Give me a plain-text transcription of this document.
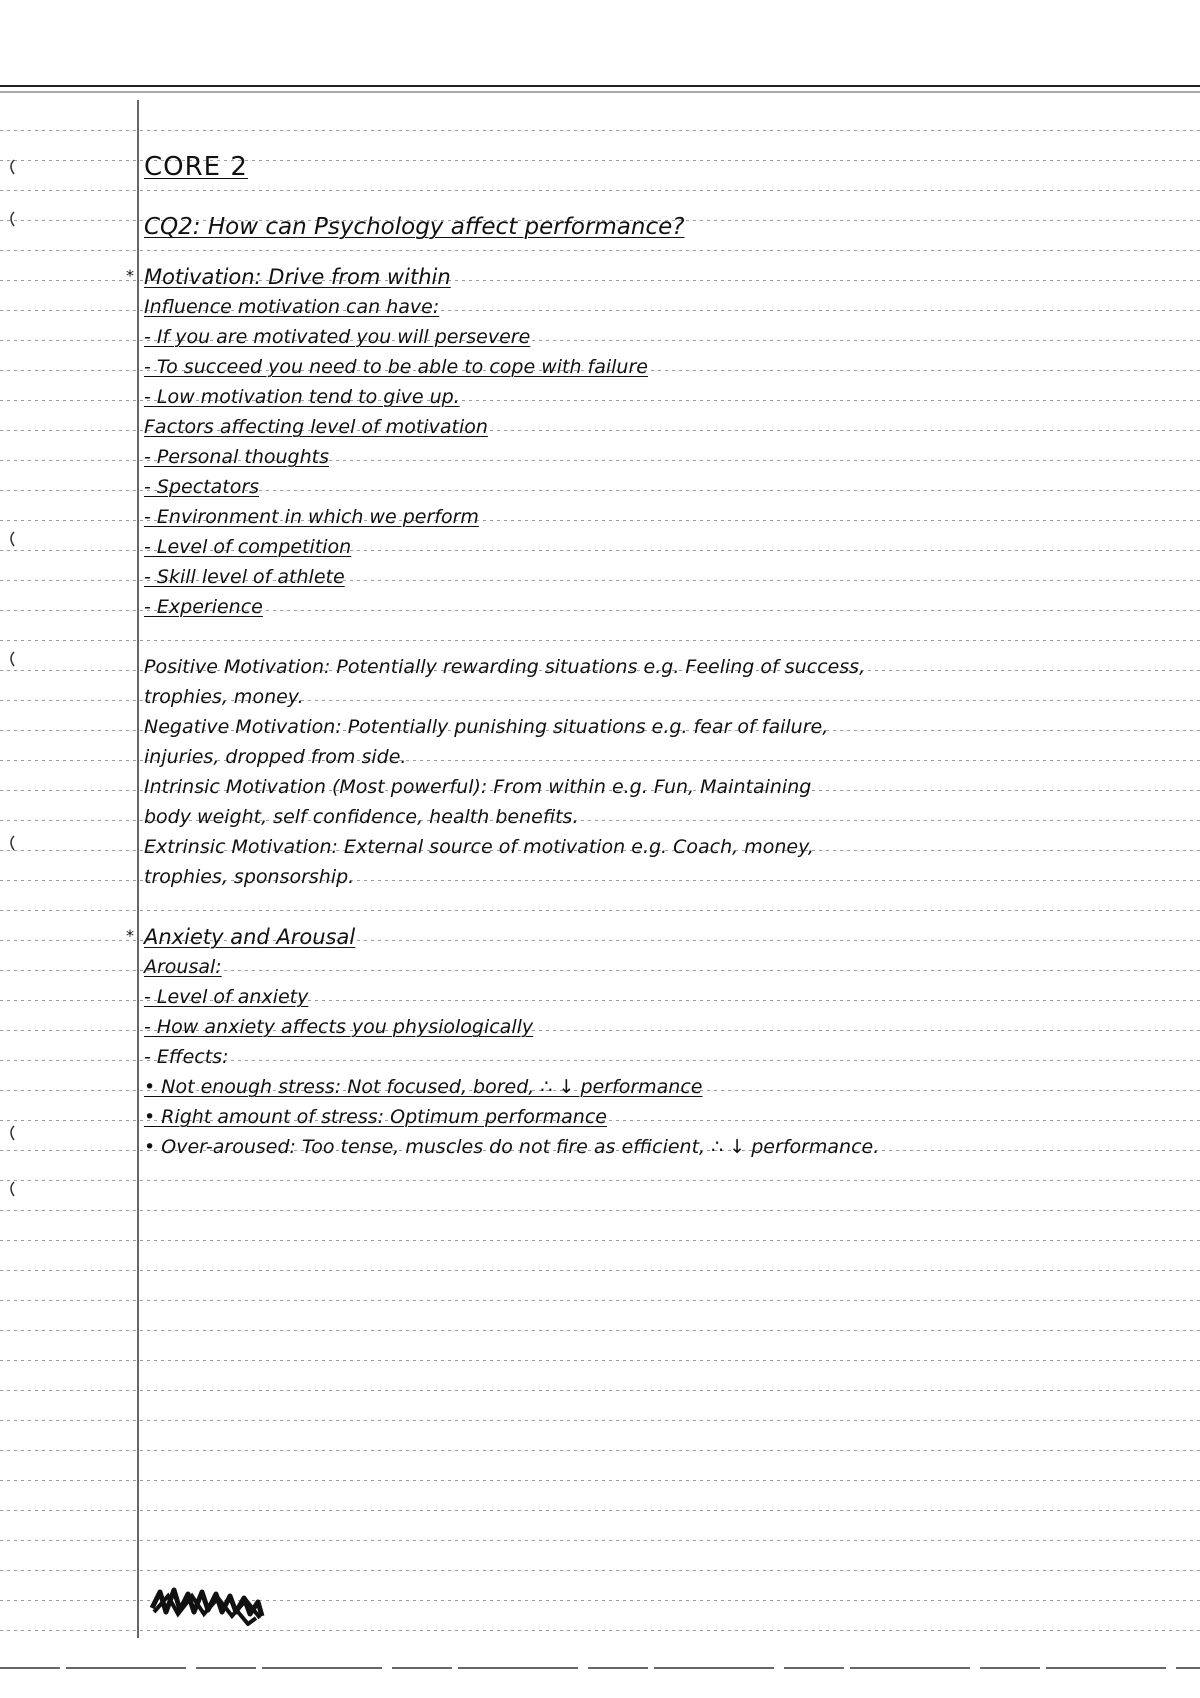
CORE 2
CQ2: How can Psychology affect performance?
* Motivation: Drive from within
Influence motivation can have:
- If you are motivated you will persevere
- To succeed you need to be able to cope with failure
- Low motivation tend to give up.
Factors affecting level of motivation
- Personal thoughts
- Spectators
- Environment in which we perform
- Level of competition
- Skill level of athlete
- Experience
Positive Motivation: Potentially rewarding situations e.g. Feeling of success,
trophies, money.
Negative Motivation: Potentially punishing situations e.g. fear of failure,
injuries, dropped from side.
Intrinsic Motivation (Most powerful): From within e.g. Fun, Maintaining
body weight, self confidence, health benefits.
Extrinsic Motivation: External source of motivation e.g. Coach, money,
trophies, sponsorship.
* Anxiety and Arousal
Arousal:
- Level of anxiety
- How anxiety affects you physiologically
- Effects:
• Not enough stress: Not focused, bored, ∴ ↓ performance
• Right amount of stress: Optimum performance
• Over-aroused: Too tense, muscles do not fire as efficient, ∴ ↓ performance.
